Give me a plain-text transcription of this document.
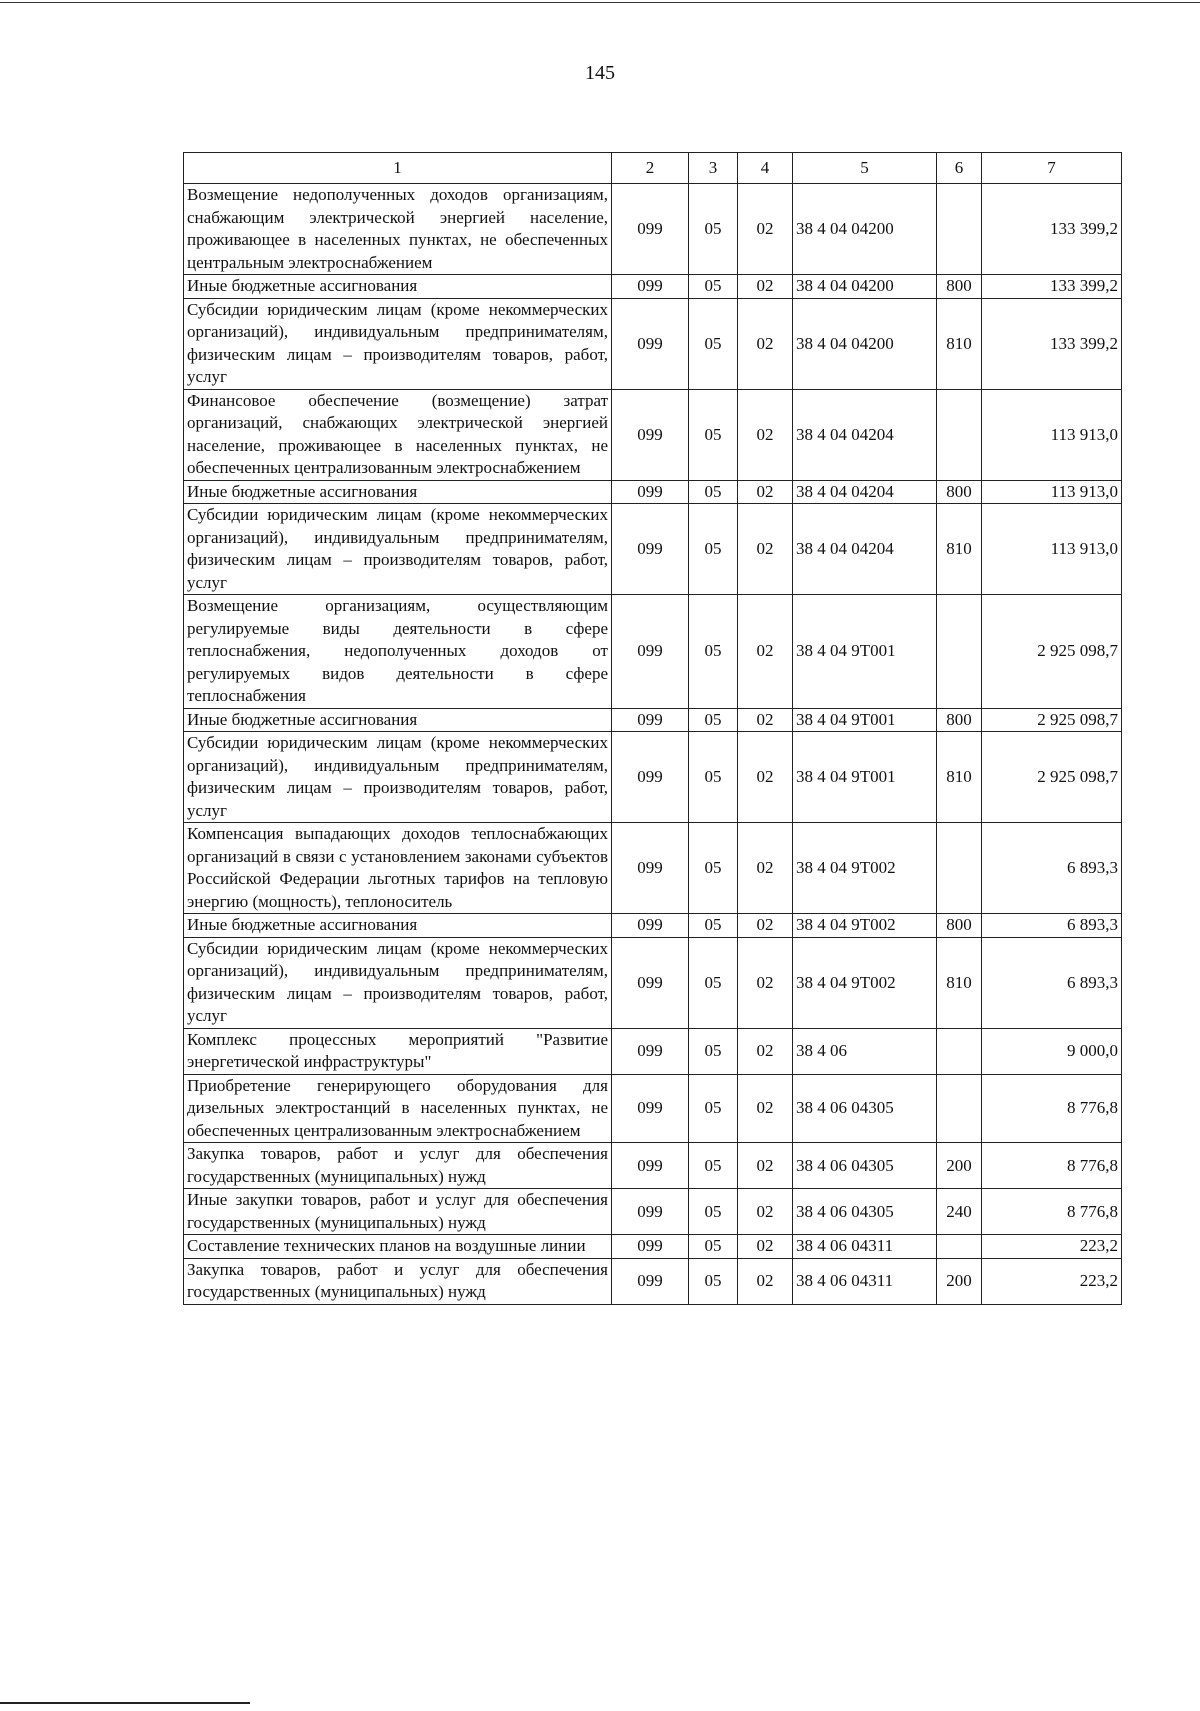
145
1	2	3	4	5	6	7
Возмещение недополученных доходов организациям, снабжающим электрической энергией население, проживающее в населенных пунктах, не обеспеченных центральным электроснабжением	099	05	02	38 4 04 04200		133 399,2
Иные бюджетные ассигнования	099	05	02	38 4 04 04200	800	133 399,2
Субсидии юридическим лицам (кроме некоммерческих организаций), индивидуальным предпринимателям, физическим лицам – производителям товаров, работ, услуг	099	05	02	38 4 04 04200	810	133 399,2
Финансовое обеспечение (возмещение) затрат организаций, снабжающих электрической энергией население, проживающее в населенных пунктах, не обеспеченных централизованным электроснабжением	099	05	02	38 4 04 04204		113 913,0
Иные бюджетные ассигнования	099	05	02	38 4 04 04204	800	113 913,0
Субсидии юридическим лицам (кроме некоммерческих организаций), индивидуальным предпринимателям, физическим лицам – производителям товаров, работ, услуг	099	05	02	38 4 04 04204	810	113 913,0
Возмещение организациям, осуществляющим регулируемые виды деятельности в сфере теплоснабжения, недополученных доходов от регулируемых видов деятельности в сфере теплоснабжения	099	05	02	38 4 04 9Т001		2 925 098,7
Иные бюджетные ассигнования	099	05	02	38 4 04 9Т001	800	2 925 098,7
Субсидии юридическим лицам (кроме некоммерческих организаций), индивидуальным предпринимателям, физическим лицам – производителям товаров, работ, услуг	099	05	02	38 4 04 9Т001	810	2 925 098,7
Компенсация выпадающих доходов теплоснабжающих организаций в связи с установлением законами субъектов Российской Федерации льготных тарифов на тепловую энергию (мощность), теплоноситель	099	05	02	38 4 04 9Т002		6 893,3
Иные бюджетные ассигнования	099	05	02	38 4 04 9Т002	800	6 893,3
Субсидии юридическим лицам (кроме некоммерческих организаций), индивидуальным предпринимателям, физическим лицам – производителям товаров, работ, услуг	099	05	02	38 4 04 9Т002	810	6 893,3
Комплекс процессных мероприятий "Развитие энергетической инфраструктуры"	099	05	02	38 4 06		9 000,0
Приобретение генерирующего оборудования для дизельных электростанций в населенных пунктах, не обеспеченных централизованным электроснабжением	099	05	02	38 4 06 04305		8 776,8
Закупка товаров, работ и услуг для обеспечения государственных (муниципальных) нужд	099	05	02	38 4 06 04305	200	8 776,8
Иные закупки товаров, работ и услуг для обеспечения государственных (муниципальных) нужд	099	05	02	38 4 06 04305	240	8 776,8
Составление технических планов на воздушные линии	099	05	02	38 4 06 04311		223,2
Закупка товаров, работ и услуг для обеспечения государственных (муниципальных) нужд	099	05	02	38 4 06 04311	200	223,2
